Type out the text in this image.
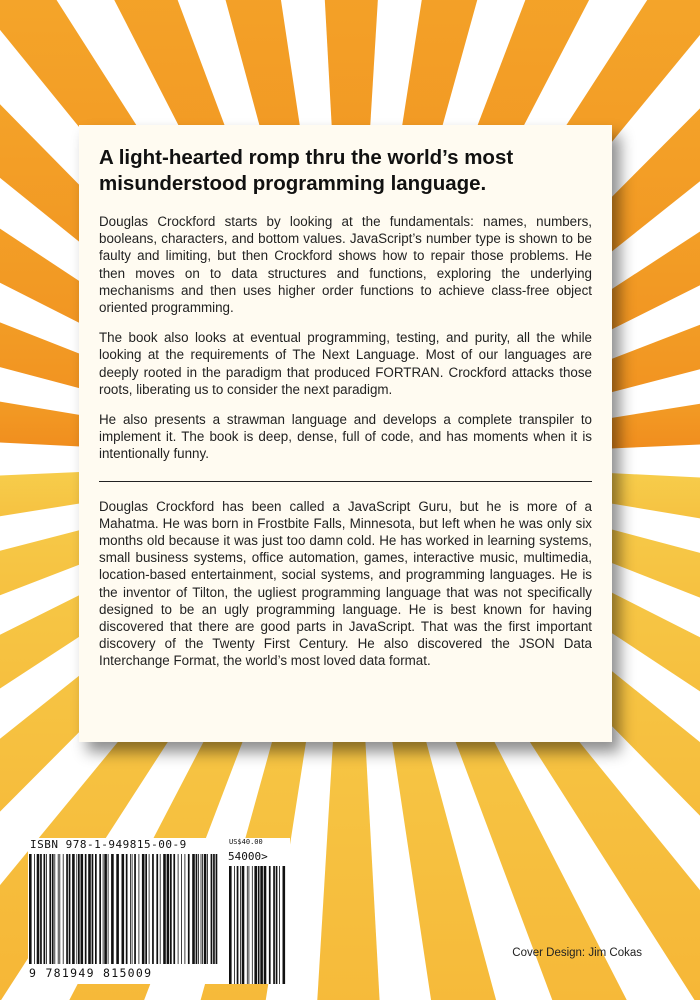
A light-hearted romp thru the world’s most misunderstood programming language.

Douglas Crockford starts by looking at the fundamentals: names, numbers, booleans, characters, and bottom values. JavaScript’s number type is shown to be faulty and limiting, but then Crockford shows how to repair those problems. He then moves on to data structures and functions, exploring the underlying mechanisms and then uses higher order functions to achieve class-free object oriented programming.

The book also looks at eventual programming, testing, and purity, all the while looking at the requirements of The Next Language. Most of our languages are deeply rooted in the paradigm that produced FORTRAN. Crockford attacks those roots, liberating us to consider the next paradigm.

He also presents a strawman language and develops a complete transpiler to implement it. The book is deep, dense, full of code, and has moments when it is intentionally funny.

Douglas Crockford has been called a JavaScript Guru, but he is more of a Mahatma. He was born in Frostbite Falls, Minnesota, but left when he was only six months old because it was just too damn cold. He has worked in learning systems, small business systems, office automation, games, interactive music, multimedia, location-based entertainment, social systems, and programming languages. He is the inventor of Tilton, the ugliest programming language that was not specifically designed to be an ugly programming language. He is best known for having discovered that there are good parts in JavaScript. That was the first important discovery of the Twenty First Century. He also discovered the JSON Data Interchange Format, the world’s most loved data format.

ISBN 978-1-949815-00-9	US$40.00
54000>
9 781949 815009
Cover Design: Jim Cokas
